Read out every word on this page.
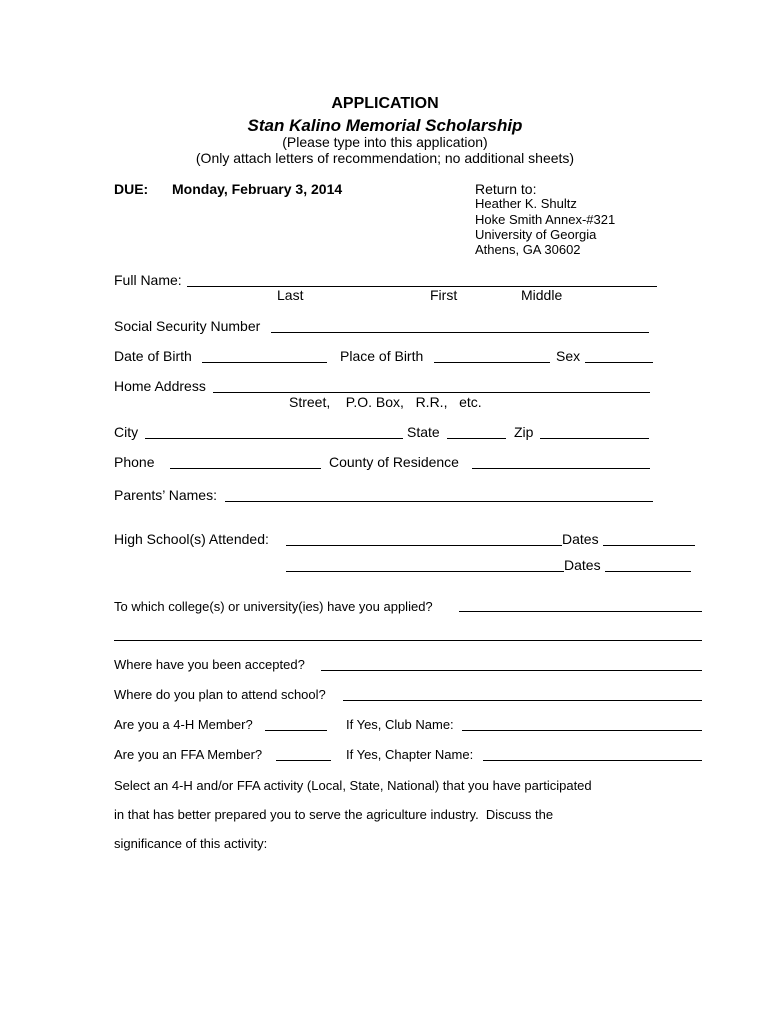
APPLICATION
Stan Kalino Memorial Scholarship
(Please type into this application)
(Only attach letters of recommendation; no additional sheets)
DUE: Monday, February 3, 2014	Return to:
Heather K. Shultz
Hoke Smith Annex-#321
University of Georgia
Athens, GA 30602
Full Name:
Last	First	Middle
Social Security Number
Date of Birth	Place of Birth	Sex
Home Address
Street,    P.O. Box,   R.R.,   etc.
City	State	Zip
Phone	County of Residence
Parents’ Names:
High School(s) Attended:	Dates
Dates
To which college(s) or university(ies) have you applied?
Where have you been accepted?
Where do you plan to attend school?
Are you a 4-H Member?	If Yes, Club Name:
Are you an FFA Member?	If Yes, Chapter Name:
Select an 4-H and/or FFA activity (Local, State, National) that you have participated
in that has better prepared you to serve the agriculture industry.  Discuss the
significance of this activity:
